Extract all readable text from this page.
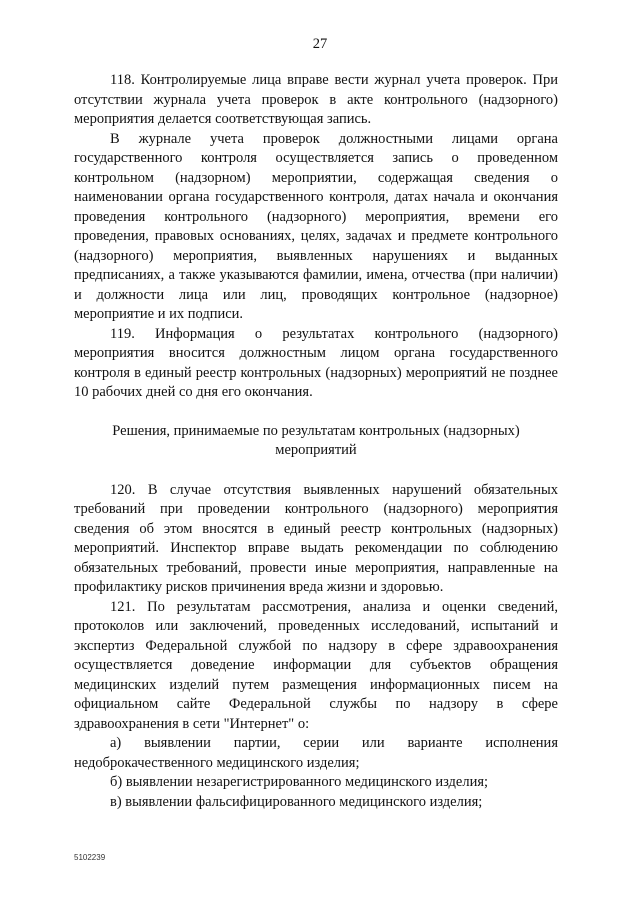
27

118. Контролируемые лица вправе вести журнал учета проверок. При отсутствии журнала учета проверок в акте контрольного (надзорного) мероприятия делается соответствующая запись.

В журнале учета проверок должностными лицами органа государственного контроля осуществляется запись о проведенном контрольном (надзорном) мероприятии, содержащая сведения о наименовании органа государственного контроля, датах начала и окончания проведения контрольного (надзорного) мероприятия, времени его проведения, правовых основаниях, целях, задачах и предмете контрольного (надзорного) мероприятия, выявленных нарушениях и выданных предписаниях, а также указываются фамилии, имена, отчества (при наличии) и должности лица или лиц, проводящих контрольное (надзорное) мероприятие и их подписи.

119. Информация о результатах контрольного (надзорного) мероприятия вносится должностным лицом органа государственного контроля в единый реестр контрольных (надзорных) мероприятий не позднее 10 рабочих дней со дня его окончания.

Решения, принимаемые по результатам контрольных (надзорных) мероприятий

120. В случае отсутствия выявленных нарушений обязательных требований при проведении контрольного (надзорного) мероприятия сведения об этом вносятся в единый реестр контрольных (надзорных) мероприятий. Инспектор вправе выдать рекомендации по соблюдению обязательных требований, провести иные мероприятия, направленные на профилактику рисков причинения вреда жизни и здоровью.

121. По результатам рассмотрения, анализа и оценки сведений, протоколов или заключений, проведенных исследований, испытаний и экспертиз Федеральной службой по надзору в сфере здравоохранения осуществляется доведение информации для субъектов обращения медицинских изделий путем размещения информационных писем на официальном сайте Федеральной службы по надзору в сфере здравоохранения в сети "Интернет" о:

а) выявлении партии, серии или варианте исполнения недоброкачественного медицинского изделия;

б) выявлении незарегистрированного медицинского изделия;

в) выявлении фальсифицированного медицинского изделия;

5102239
